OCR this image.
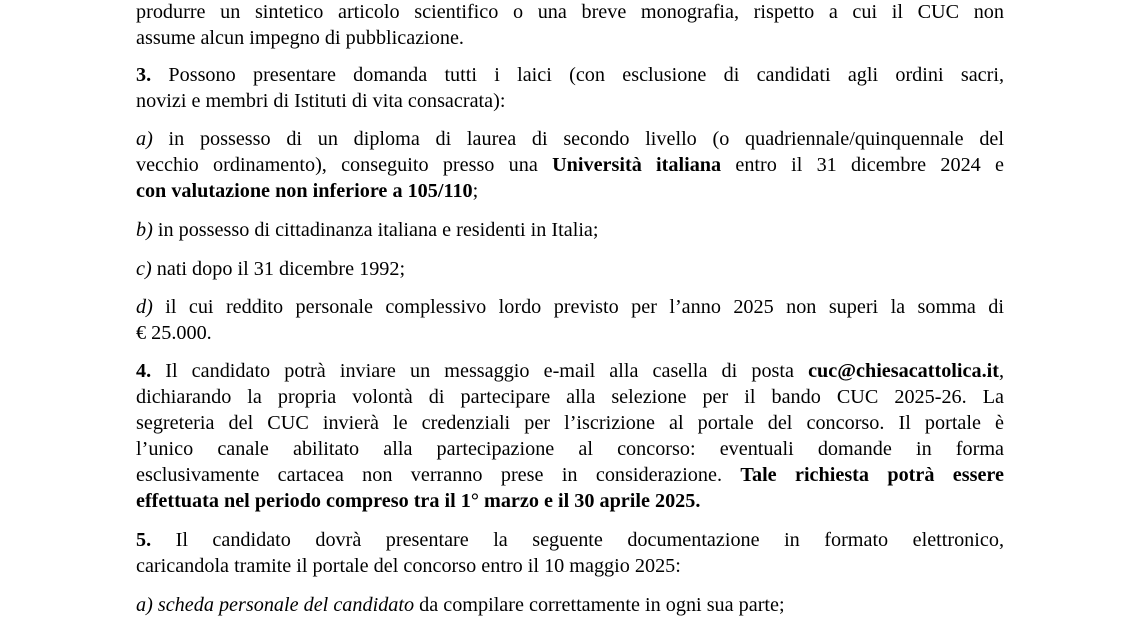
produrre un sintetico articolo scientifico o una breve monografia, rispetto a cui il CUC non
assume alcun impegno di pubblicazione.
3. Possono presentare domanda tutti i laici (con esclusione di candidati agli ordini sacri,
novizi e membri di Istituti di vita consacrata):
a) in possesso di un diploma di laurea di secondo livello (o quadriennale/quinquennale del
vecchio ordinamento), conseguito presso una Università italiana entro il 31 dicembre 2024 e
con valutazione non inferiore a 105/110;
b) in possesso di cittadinanza italiana e residenti in Italia;
c) nati dopo il 31 dicembre 1992;
d) il cui reddito personale complessivo lordo previsto per l’anno 2025 non superi la somma di
€ 25.000.
4. Il candidato potrà inviare un messaggio e-mail alla casella di posta cuc@chiesacattolica.it,
dichiarando la propria volontà di partecipare alla selezione per il bando CUC 2025-26. La
segreteria del CUC invierà le credenziali per l’iscrizione al portale del concorso. Il portale è
l’unico canale abilitato alla partecipazione al concorso: eventuali domande in forma
esclusivamente cartacea non verranno prese in considerazione. Tale richiesta potrà essere
effettuata nel periodo compreso tra il 1° marzo e il 30 aprile 2025.
5. Il candidato dovrà presentare la seguente documentazione in formato elettronico,
caricandola tramite il portale del concorso entro il 10 maggio 2025:
a) scheda personale del candidato da compilare correttamente in ogni sua parte;
